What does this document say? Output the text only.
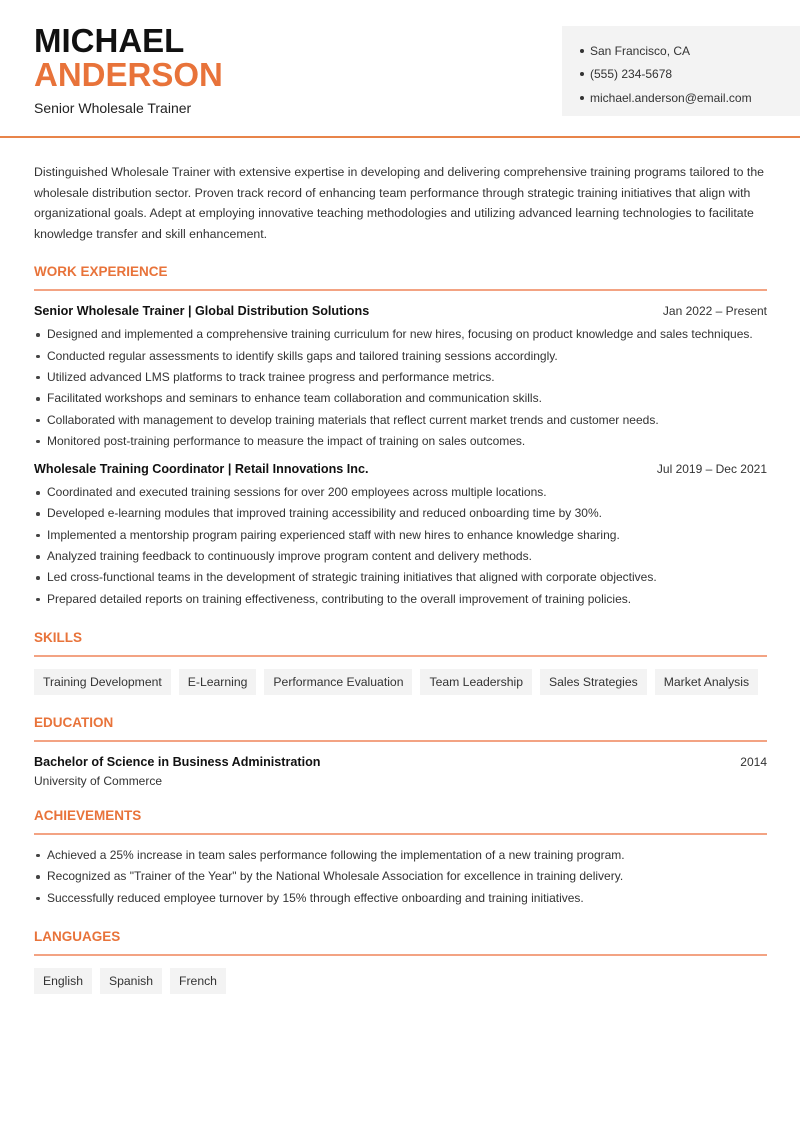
MICHAEL
ANDERSON
Senior Wholesale Trainer
San Francisco, CA
(555) 234-5678
michael.anderson@email.com

Distinguished Wholesale Trainer with extensive expertise in developing and delivering comprehensive training programs tailored to the wholesale distribution sector. Proven track record of enhancing team performance through strategic training initiatives that align with organizational goals. Adept at employing innovative teaching methodologies and utilizing advanced learning technologies to facilitate knowledge transfer and skill enhancement.

WORK EXPERIENCE
Senior Wholesale Trainer | Global Distribution Solutions	Jan 2022 – Present
Designed and implemented a comprehensive training curriculum for new hires, focusing on product knowledge and sales techniques.
Conducted regular assessments to identify skills gaps and tailored training sessions accordingly.
Utilized advanced LMS platforms to track trainee progress and performance metrics.
Facilitated workshops and seminars to enhance team collaboration and communication skills.
Collaborated with management to develop training materials that reflect current market trends and customer needs.
Monitored post-training performance to measure the impact of training on sales outcomes.
Wholesale Training Coordinator | Retail Innovations Inc.	Jul 2019 – Dec 2021
Coordinated and executed training sessions for over 200 employees across multiple locations.
Developed e-learning modules that improved training accessibility and reduced onboarding time by 30%.
Implemented a mentorship program pairing experienced staff with new hires to enhance knowledge sharing.
Analyzed training feedback to continuously improve program content and delivery methods.
Led cross-functional teams in the development of strategic training initiatives that aligned with corporate objectives.
Prepared detailed reports on training effectiveness, contributing to the overall improvement of training policies.
SKILLS
Training Development	E-Learning	Performance Evaluation	Team Leadership	Sales Strategies	Market Analysis
EDUCATION
Bachelor of Science in Business Administration	2014
University of Commerce
ACHIEVEMENTS
Achieved a 25% increase in team sales performance following the implementation of a new training program.
Recognized as "Trainer of the Year" by the National Wholesale Association for excellence in training delivery.
Successfully reduced employee turnover by 15% through effective onboarding and training initiatives.
LANGUAGES
English	Spanish	French
